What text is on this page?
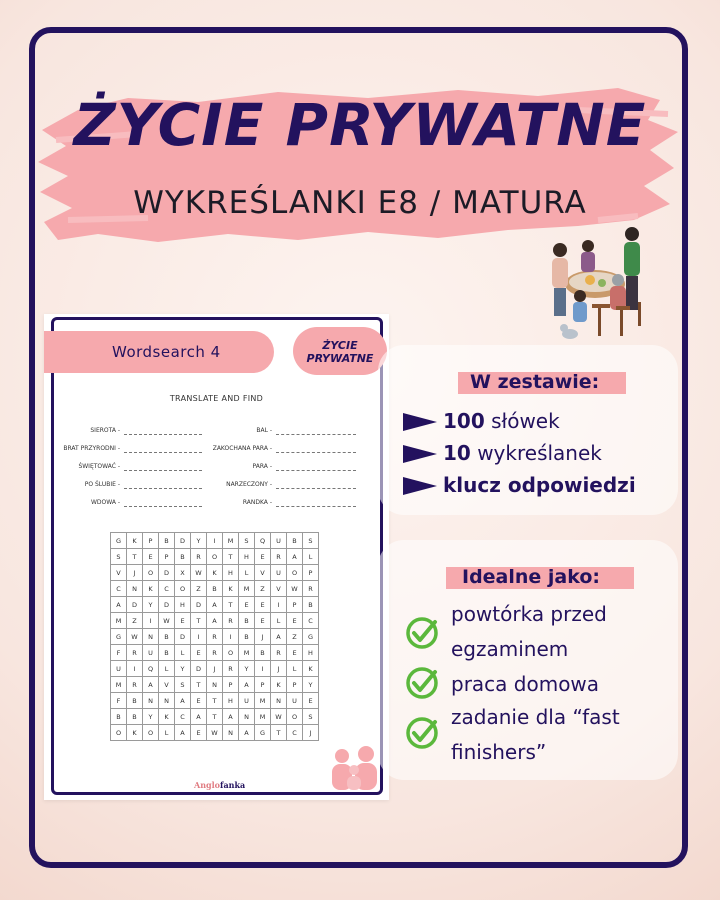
ŻYCIE PRYWATNE
WYKREŚLANKI E8 / MATURA
Wordsearch 4	ŻYCIE
PRYWATNE
TRANSLATE AND FIND
SIEROTA -
BRAT PRZYRODNI -
ŚWIĘTOWAĆ -
PO ŚLUBIE -
WDOWA -
BAL -
ZAKOCHANA PARA -
PARA -
NARZECZONY -
RANDKA -
G	K	P	B	D	Y	I	M	S	Q	U	B	S
S	T	E	P	B	R	O	T	H	E	R	A	L
V	J	O	D	X	W	K	H	L	V	U	O	P
C	N	K	C	O	Z	B	K	M	Z	V	W	R
A	D	Y	D	H	D	A	T	E	E	I	P	B
M	Z	I	W	E	T	A	R	B	E	L	E	C
G	W	N	B	D	I	R	I	B	J	A	Z	G
F	R	U	B	L	E	R	O	M	B	R	E	H
U	I	Q	L	Y	D	J	R	Y	I	J	L	K
M	R	A	V	S	T	N	P	A	P	K	P	Y
F	B	N	N	A	E	T	H	U	M	N	U	E
B	B	Y	K	C	A	T	A	N	M	W	O	S
O	K	O	L	A	E	W	N	A	G	T	C	J
Anglofanka
W zestawie:
100 słówek
10 wykreślanek
klucz odpowiedzi
Idealne jako:
powtórka przed
egzaminem
praca domowa
zadanie dla “fast
finishers”
